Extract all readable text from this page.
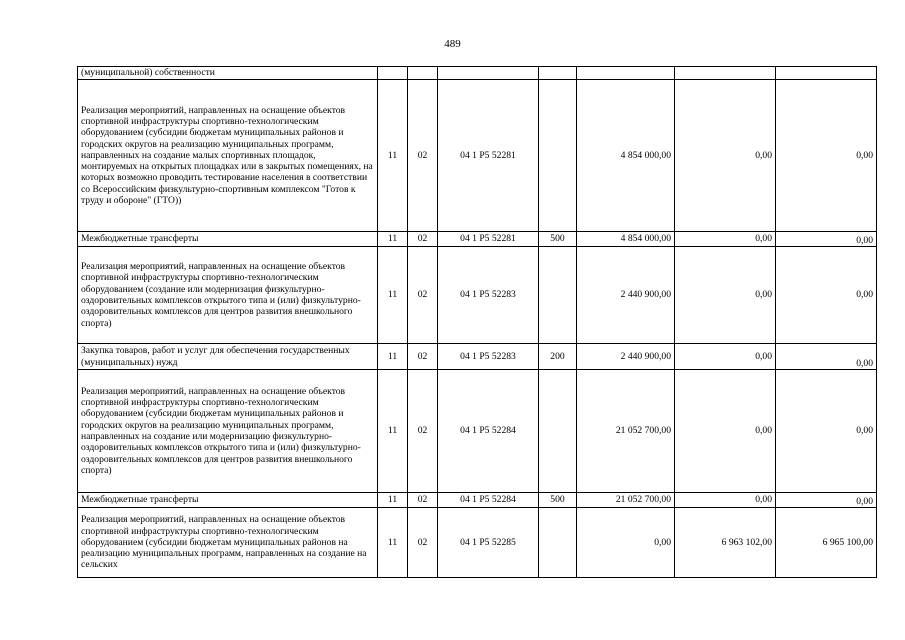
489
(муниципальной) собственности							
Реализация мероприятий, направленных на оснащение объектов спортивной инфраструктуры спортивно-технологическим оборудованием (субсидии бюджетам муниципальных районов и городских округов на реализацию муниципальных программ, направленных на создание малых спортивных площадок, монтируемых на открытых площадках или в закрытых помещениях, на которых возможно проводить тестирование населения в соответствии со Всероссийским физкультурно-спортивным комплексом "Готов к труду и обороне" (ГТО))	11	02	04 1 P5 52281		4 854 000,00	0,00	0,00
Межбюджетные трансферты	11	02	04 1 P5 52281	500	4 854 000,00	0,00	0,00
Реализация мероприятий, направленных на оснащение объектов спортивной инфраструктуры спортивно-технологическим оборудованием (создание или модернизация физкультурно-оздоровительных комплексов открытого типа и (или) физкультурно-оздоровительных комплексов для центров развития внешкольного спорта)	11	02	04 1 P5 52283		2 440 900,00	0,00	0,00
Закупка товаров, работ и услуг для обеспечения государственных (муниципальных) нужд	11	02	04 1 P5 52283	200	2 440 900,00	0,00	0,00
Реализация мероприятий, направленных на оснащение объектов спортивной инфраструктуры спортивно-технологическим оборудованием (субсидии бюджетам муниципальных районов и городских округов на реализацию муниципальных программ, направленных на создание или модернизацию физкультурно-оздоровительных комплексов открытого типа и (или) физкультурно-оздоровительных комплексов для центров развития внешкольного спорта)	11	02	04 1 P5 52284		21 052 700,00	0,00	0,00
Межбюджетные трансферты	11	02	04 1 P5 52284	500	21 052 700,00	0,00	0,00
Реализация мероприятий, направленных на оснащение объектов спортивной инфраструктуры спортивно-технологическим оборудованием (субсидии бюджетам муниципальных районов на реализацию муниципальных программ, направленных на создание на сельских	11	02	04 1 P5 52285		0,00	6 963 102,00	6 965 100,00
